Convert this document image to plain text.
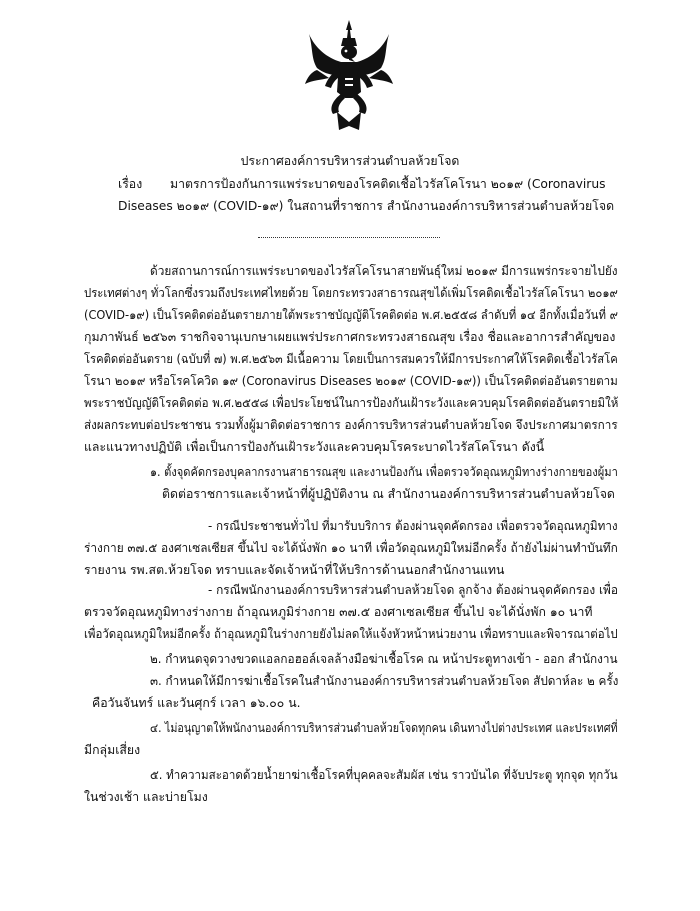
ประกาศองค์การบริหารส่วนตำบลห้วยโจด
เรื่อง มาตรการป้องกันการแพร่ระบาดของโรคติดเชื้อไวรัสโคโรนา ๒๐๑๙ (Coronavirus
Diseases ๒๐๑๙ (COVID-๑๙) ในสถานที่ราชการ สำนักงานองค์การบริหารส่วนตำบลห้วยโจด
ด้วยสถานการณ์การแพร่ระบาดของไวรัสโคโรนาสายพันธุ์ใหม่ ๒๐๑๙ มีการแพร่กระจายไปยัง
ประเทศต่างๆ ทั่วโลกซึ่งรวมถึงประเทศไทยด้วย โดยกระทรวงสาธารณสุขได้เพิ่มโรคติดเชื้อไวรัสโคโรนา ๒๐๑๙
(COVID-๑๙) เป็นโรคติดต่ออันตรายภายใต้พระราชบัญญัติโรคติดต่อ พ.ศ.๒๕๕๘ ลำดับที่ ๑๔ อีกทั้งเมื่อวันที่ ๙
กุมภาพันธ์ ๒๕๖๓ ราชกิจจานุเบกษาเผยแพร่ประกาศกระทรวงสาธณสุข เรื่อง ชื่อและอาการสำคัญของ
โรคติดต่ออันตราย (ฉบับที่ ๗) พ.ศ.๒๕๖๓ มีเนื้อความ โดยเป็นการสมควรให้มีการประกาศให้โรคติดเชื้อไวรัสโค
โรนา ๒๐๑๙ หรือโรคโควิด ๑๙ (Coronavirus Diseases ๒๐๑๙ (COVID-๑๙)) เป็นโรคติดต่ออันตรายตาม
พระราชบัญญัติโรคติดต่อ พ.ศ.๒๕๕๘ เพื่อประโยชน์ในการป้องกันเฝ้าระวังและควบคุมโรคติดต่ออันตรายมิให้
ส่งผลกระทบต่อประชาชน รวมทั้งผู้มาติดต่อราชการ องค์การบริหารส่วนตำบลห้วยโจด จึงประกาศมาตรการ
และแนวทางปฏิบัติ เพื่อเป็นการป้องกันเฝ้าระวังและควบคุมโรคระบาดไวรัสโคโรนา ดังนี้
๑. ตั้งจุดคัดกรองบุคลากรงานสาธารณสุข และงานป้องกัน เพื่อตรวจวัดอุณหภูมิทางร่างกายของผู้มา
ติดต่อราชการและเจ้าหน้าที่ผู้ปฏิบัติงาน ณ สำนักงานองค์การบริหารส่วนตำบลห้วยโจด
- กรณีประชาชนทั่วไป ที่มารับบริการ ต้องผ่านจุดคัดกรอง เพื่อตรวจวัดอุณหภูมิทาง
ร่างกาย ๓๗.๕ องศาเซลเซียส ขึ้นไป จะได้นั่งพัก ๑๐ นาที เพื่อวัดอุณหภูมิใหม่อีกครั้ง ถ้ายังไม่ผ่านทำบันทึก
รายงาน รพ.สต.ห้วยโจด ทราบและจัดเจ้าหน้าที่ให้บริการด้านนอกสำนักงานแทน
- กรณีพนักงานองค์การบริหารส่วนตำบลห้วยโจด ลูกจ้าง ต้องผ่านจุดคัดกรอง เพื่อ
ตรวจวัดอุณหภูมิทางร่างกาย ถ้าอุณหภูมิร่างกาย ๓๗.๕ องศาเซลเซียส ขึ้นไป จะได้นั่งพัก ๑๐ นาที
เพื่อวัดอุณหภูมิใหม่อีกครั้ง ถ้าอุณหภูมิในร่างกายยังไม่ลดให้แจ้งหัวหน้าหน่วยงาน เพื่อทราบและพิจารณาต่อไป
๒. กำหนดจุดวางขวดแอลกอฮอล์เจลล้างมือฆ่าเชื้อโรค ณ หน้าประตูทางเข้า - ออก สำนักงาน
๓. กำหนดให้มีการฆ่าเชื้อโรคในสำนักงานองค์การบริหารส่วนตำบลห้วยโจด สัปดาห์ละ ๒ ครั้ง
คือวันจันทร์ และวันศุกร์ เวลา ๑๖.๐๐ น.
๔. ไม่อนุญาตให้พนักงานองค์การบริหารส่วนตำบลห้วยโจดทุกคน เดินทางไปต่างประเทศ และประเทศที่
มีกลุ่มเสี่ยง
๕. ทำความสะอาดด้วยน้ำยาฆ่าเชื้อโรคที่บุคคลจะสัมผัส เช่น ราวบันได ที่จับประตู ทุกจุด ทุกวัน
ในช่วงเช้า และบ่ายโมง
